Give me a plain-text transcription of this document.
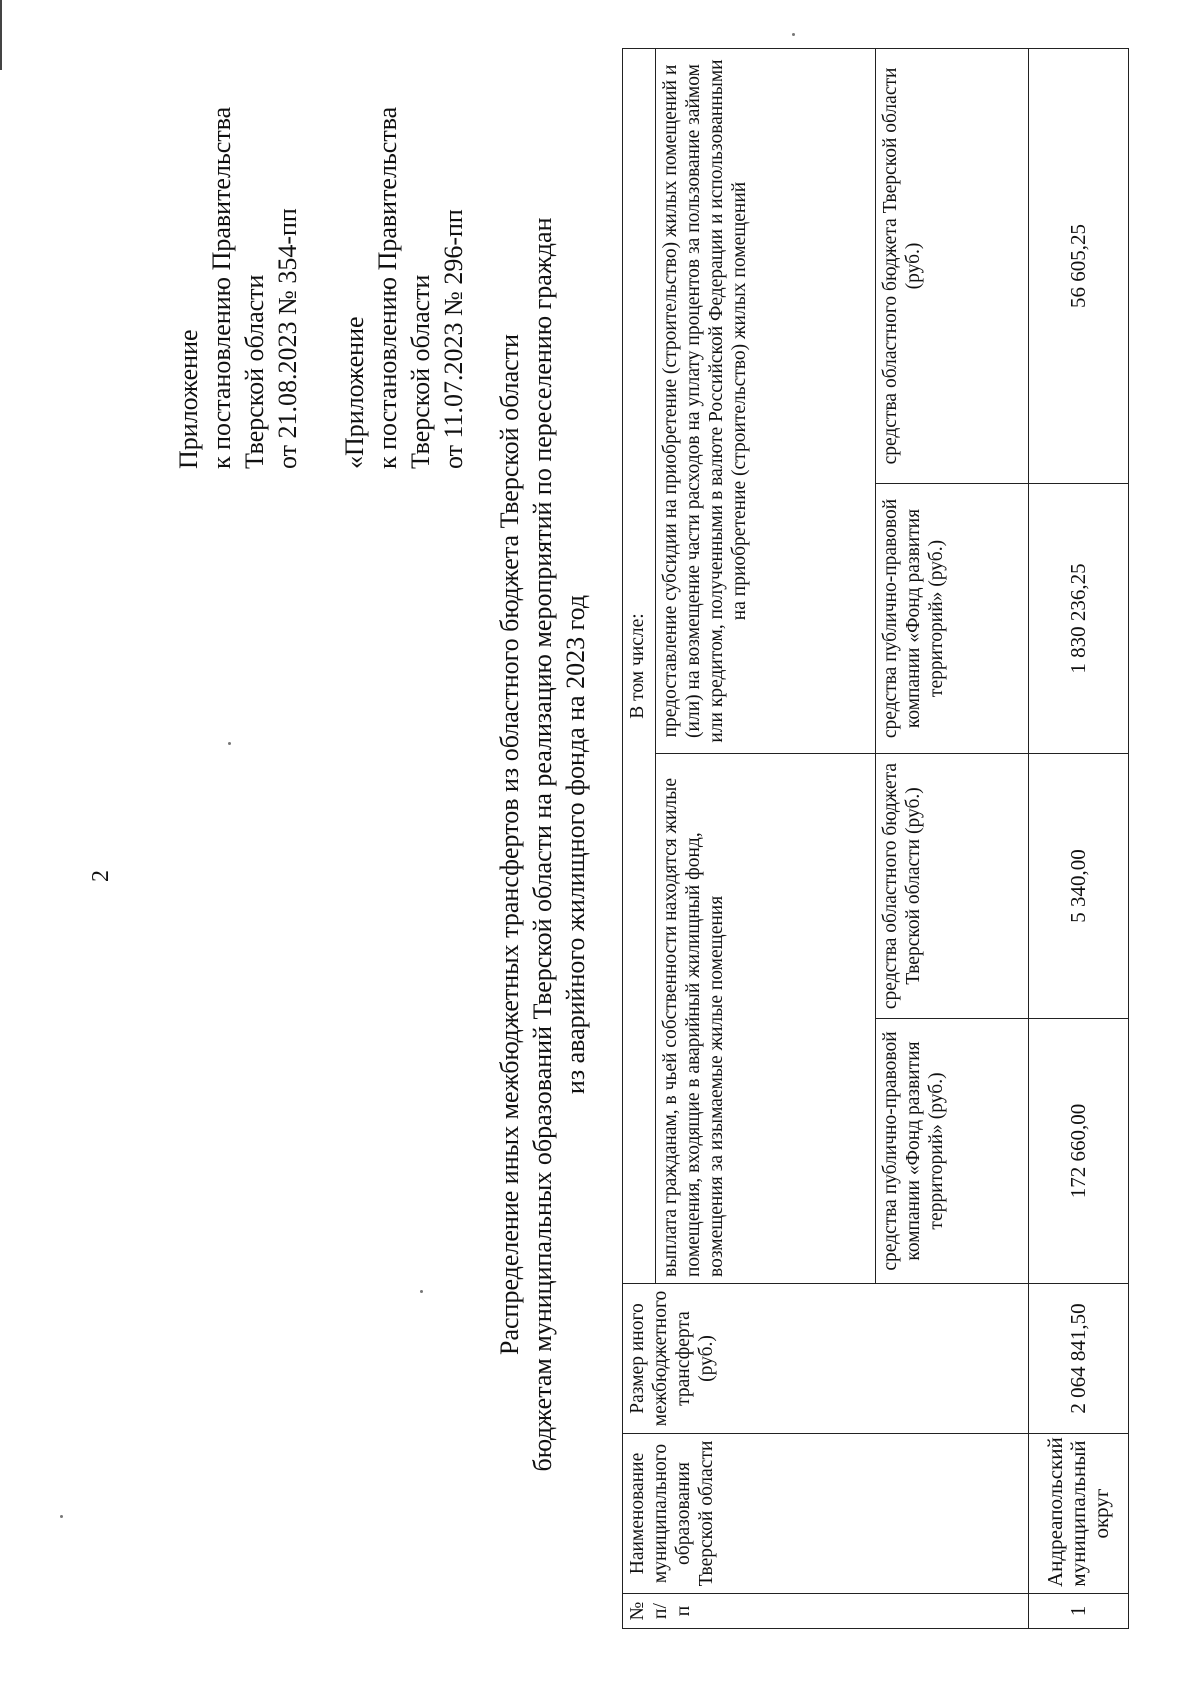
2
Приложение к постановлению Правительства Тверской области от 21.08.2023 № 354-пп «Приложение к постановлению Правительства Тверской области от 11.07.2023 № 296-пп Распределение иных межбюджетных трансфертов из областного бюджета Тверской области бюджетам муниципальных образований Тверской области на реализацию мероприятий по переселению граждан из аварийного жилищного фонда на 2023 год
№ п/п	Наименование муниципального образования Тверской области	Размер иного межбюджетного трансферта (руб.)	В том числе:			
			выплата гражданам, в чьей собственности находятся жилые помещения, входящие в аварийный жилищный фонд, возмещения за изымаемые жилые помещения		предоставление субсидии на приобретение (строительство) жилых помещений и (или) на возмещение части расходов на уплату процентов за пользование займом или кредитом, полученными в валюте Российской Федерации и использованными на приобретение (строительство) жилых помещений	
			средства публично-правовой компании «Фонд развития территорий» (руб.)	средства областного бюджета Тверской области (руб.)	средства публично-правовой компании «Фонд развития территорий» (руб.)	средства областного бюджета Тверской области (руб.)
1	Андреапольский муниципальный округ	2 064 841,50	172 660,00	5 340,00	1 830 236,25	56 605,25
